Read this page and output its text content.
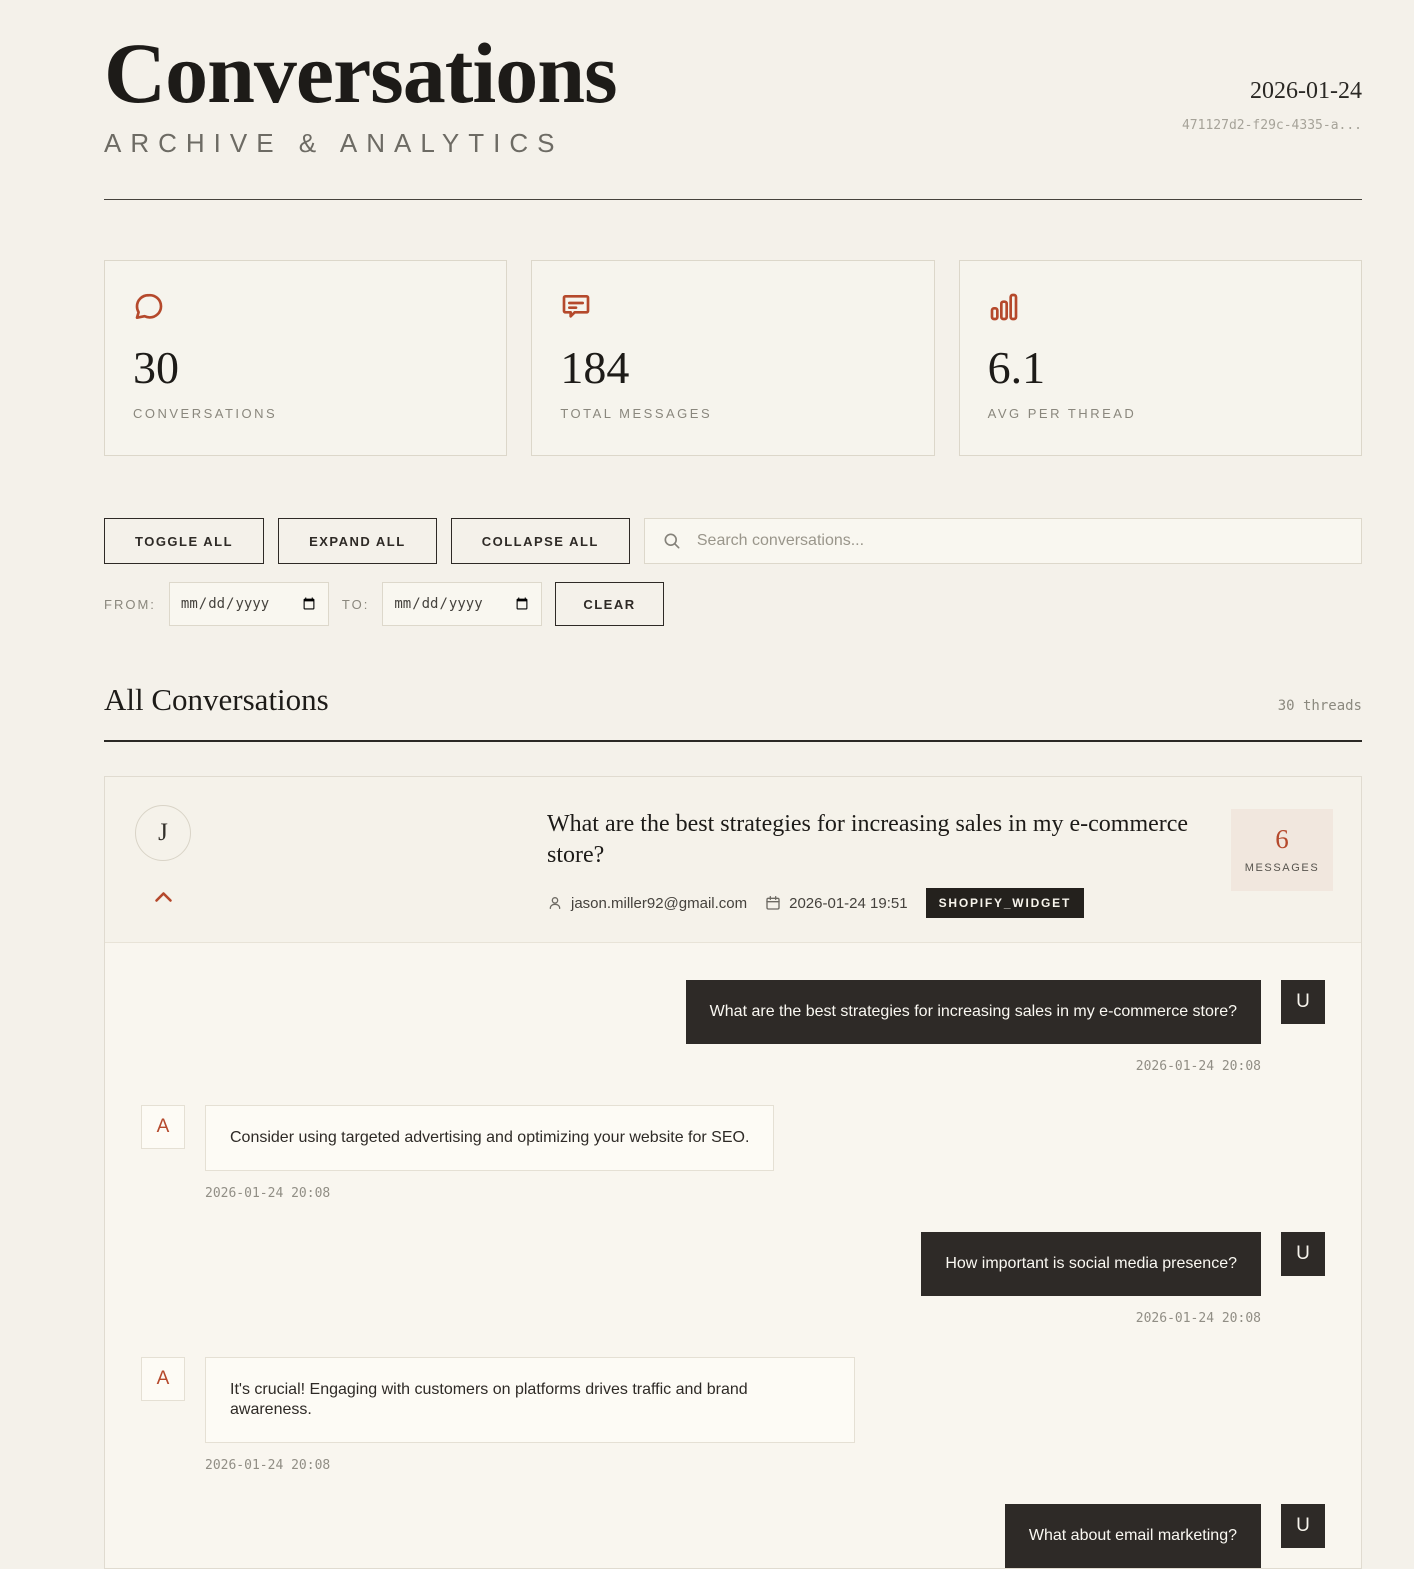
Conversations
ARCHIVE & ANALYTICS
2026-01-24
471127d2-f29c-4335-a...
30
CONVERSATIONS
184
TOTAL MESSAGES
6.1
AVG PER THREAD
TOGGLE ALL	EXPAND ALL	COLLAPSE ALL
Search conversations...
FROM:	TO:	CLEAR
All Conversations	30 threads
J	What are the best strategies for increasing sales in my e-commerce store?
jason.miller92@gmail.com	2026-01-24 19:51	SHOPIFY_WIDGET
6
MESSAGES
What are the best strategies for increasing sales in my e-commerce store?	U
2026-01-24 20:08
A
Consider using targeted advertising and optimizing your website for SEO.
2026-01-24 20:08
How important is social media presence?	U
2026-01-24 20:08
A
It's crucial! Engaging with customers on platforms drives traffic and brand awareness.
2026-01-24 20:08
What about email marketing?	U
